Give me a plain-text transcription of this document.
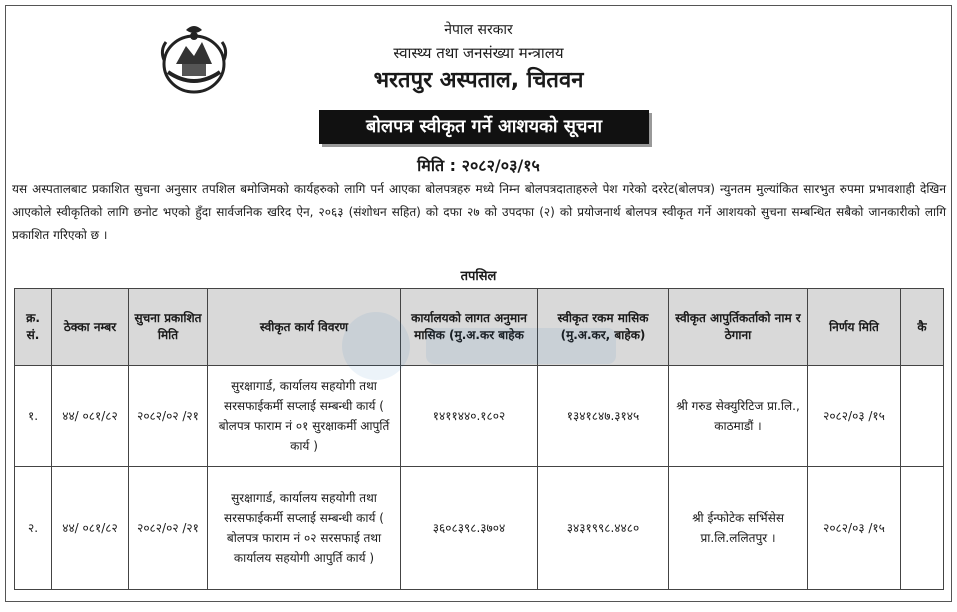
नेपाल सरकार
स्वास्थ्य तथा जनसंख्या मन्त्रालय
भरतपुर अस्पताल, चितवन
बोलपत्र स्वीकृत गर्ने आशयको सूचना
मिति : २०८२/०३/१५
यस अस्पतालबाट प्रकाशित सुचना अनुसार तपशिल बमोजिमको कार्यहरुको लागि पर्न आएका बोलपत्रहरु मध्ये निम्न बोलपत्रदाताहरुले पेश गरेको दररेट(बोलपत्र) न्युनतम मुल्यांकित सारभुत रुपमा प्रभावशाही देखिन आएकोले स्वीकृतिको लागि छनोट भएको हुँदा सार्वजनिक खरिद ऐन, २०६३ (संशोधन सहित) को दफा २७ को उपदफा (२) को प्रयोजनार्थ बोलपत्र स्वीकृत गर्ने आशयको सुचना सम्बन्धित सबैको जानकारीको लागि प्रकाशित गरिएको छ ।
तपसिल
क्र. सं.	ठेक्का नम्बर	सुचना प्रकाशित मिति	स्वीकृत कार्य विवरण	कार्यालयको लागत अनुमान मासिक (मु.अ.कर बाहेक	स्वीकृत रकम मासिक (मु.अ.कर, बाहेक)	स्वीकृत आपुर्तिकर्ताको नाम र ठेगाना	निर्णय मिति	कै
१.	४४/ ०८१/८२	२०८२/०२ /२१	सुरक्षागार्ड, कार्यालय सहयोगी तथा सरसफाईकर्मी सप्लाई सम्बन्धी कार्य ( बोलपत्र फाराम नं ०१ सुरक्षाकर्मी आपुर्ति कार्य )	१४११४४०.१८०२	१३४१८४७.३१४५	श्री गरुड सेक्युरिटिज प्रा.लि., काठमाडौं ।	२०८२/०३ /१५	
२.	४४/ ०८१/८२	२०८२/०२ /२१	सुरक्षागार्ड, कार्यालय सहयोगी तथा सरसफाईकर्मी सप्लाई सम्बन्धी कार्य ( बोलपत्र फाराम नं ०२ सरसफाई तथा कार्यालय सहयोगी आपुर्ति कार्य )	३६०८३९८.३७०४	३४३१९९८.४४८०	श्री ईन्फोटेक सर्भिसेस प्रा.लि.ललितपुर ।	२०८२/०३ /१५	
